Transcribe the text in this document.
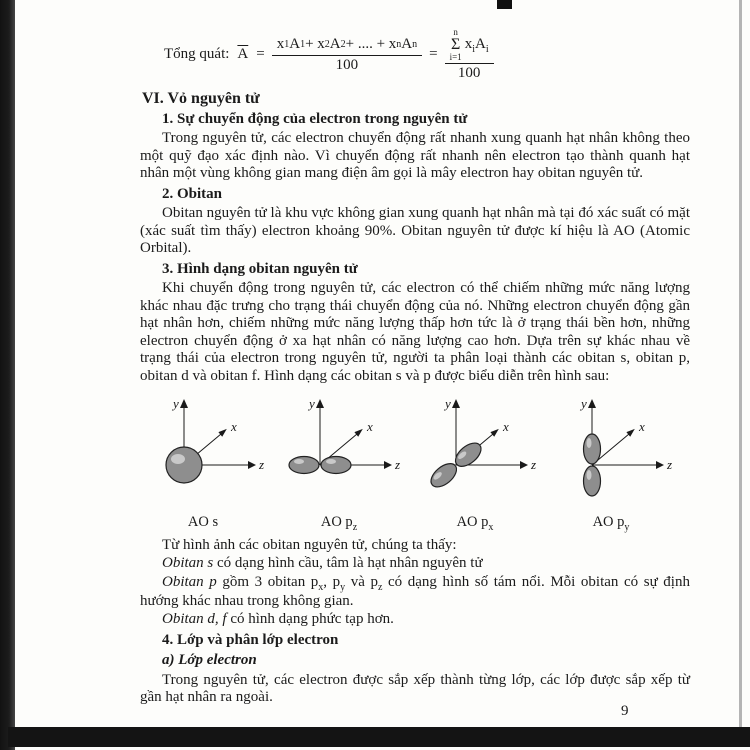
Tổng quát: $\overline{A} = \frac{\text{x 1 A 1 + x 2 A 2 + .... + x n A n}}{100} = n$
Σ
i=1
$x_iA_i$
100
VI. Vỏ nguyên tử
1. Sự chuyển động của electron trong nguyên tử

Trong nguyên tử, các electron chuyển động rất nhanh xung quanh hạt nhân không theo một quỹ đạo xác định nào. Vì chuyển động rất nhanh nên electron tạo thành quanh hạt nhân một vùng không gian mang điện âm gọi là mây electron hay obitan nguyên tử.

2. Obitan

Obitan nguyên tử là khu vực không gian xung quanh hạt nhân mà tại đó xác suất có mặt (xác suất tìm thấy) electron khoảng 90%. Obitan nguyên tử được kí hiệu là AO (Atomic Orbital).

3. Hình dạng obitan nguyên tử

Khi chuyển động trong nguyên tử, các electron có thể chiếm những mức năng lượng khác nhau đặc trưng cho trạng thái chuyển động của nó. Những electron chuyển động gần hạt nhân hơn, chiếm những mức năng lượng thấp hơn tức là ở trạng thái bền hơn, những electron chuyển động ở xa hạt nhân có năng lượng cao hơn. Dựa trên sự khác nhau về trạng thái của electron trong nguyên tử, người ta phân loại thành các obitan s, obitan p, obitan d và obitan f. Hình dạng các obitan s và p được biểu diễn trên hình sau:

y
x
z
AO s
y
x
z
AO $p_z$
y
x
z
AO $p_x$
y
x
z
AO $p_y$

Từ hình ảnh các obitan nguyên tử, chúng ta thấy:

Obitan s có dạng hình cầu, tâm là hạt nhân nguyên tử

Obitan p gồm 3 obitan $p_x$, $p_y$ và $p_z$ có dạng hình số tám nổi. Mỗi obitan có sự định hướng khác nhau trong không gian.

Obitan d, f có hình dạng phức tạp hơn.

4. Lớp và phân lớp electron
a) Lớp electron

Trong nguyên tử, các electron được sắp xếp thành từng lớp, các lớp được sắp xếp từ gần hạt nhân ra ngoài.

9
